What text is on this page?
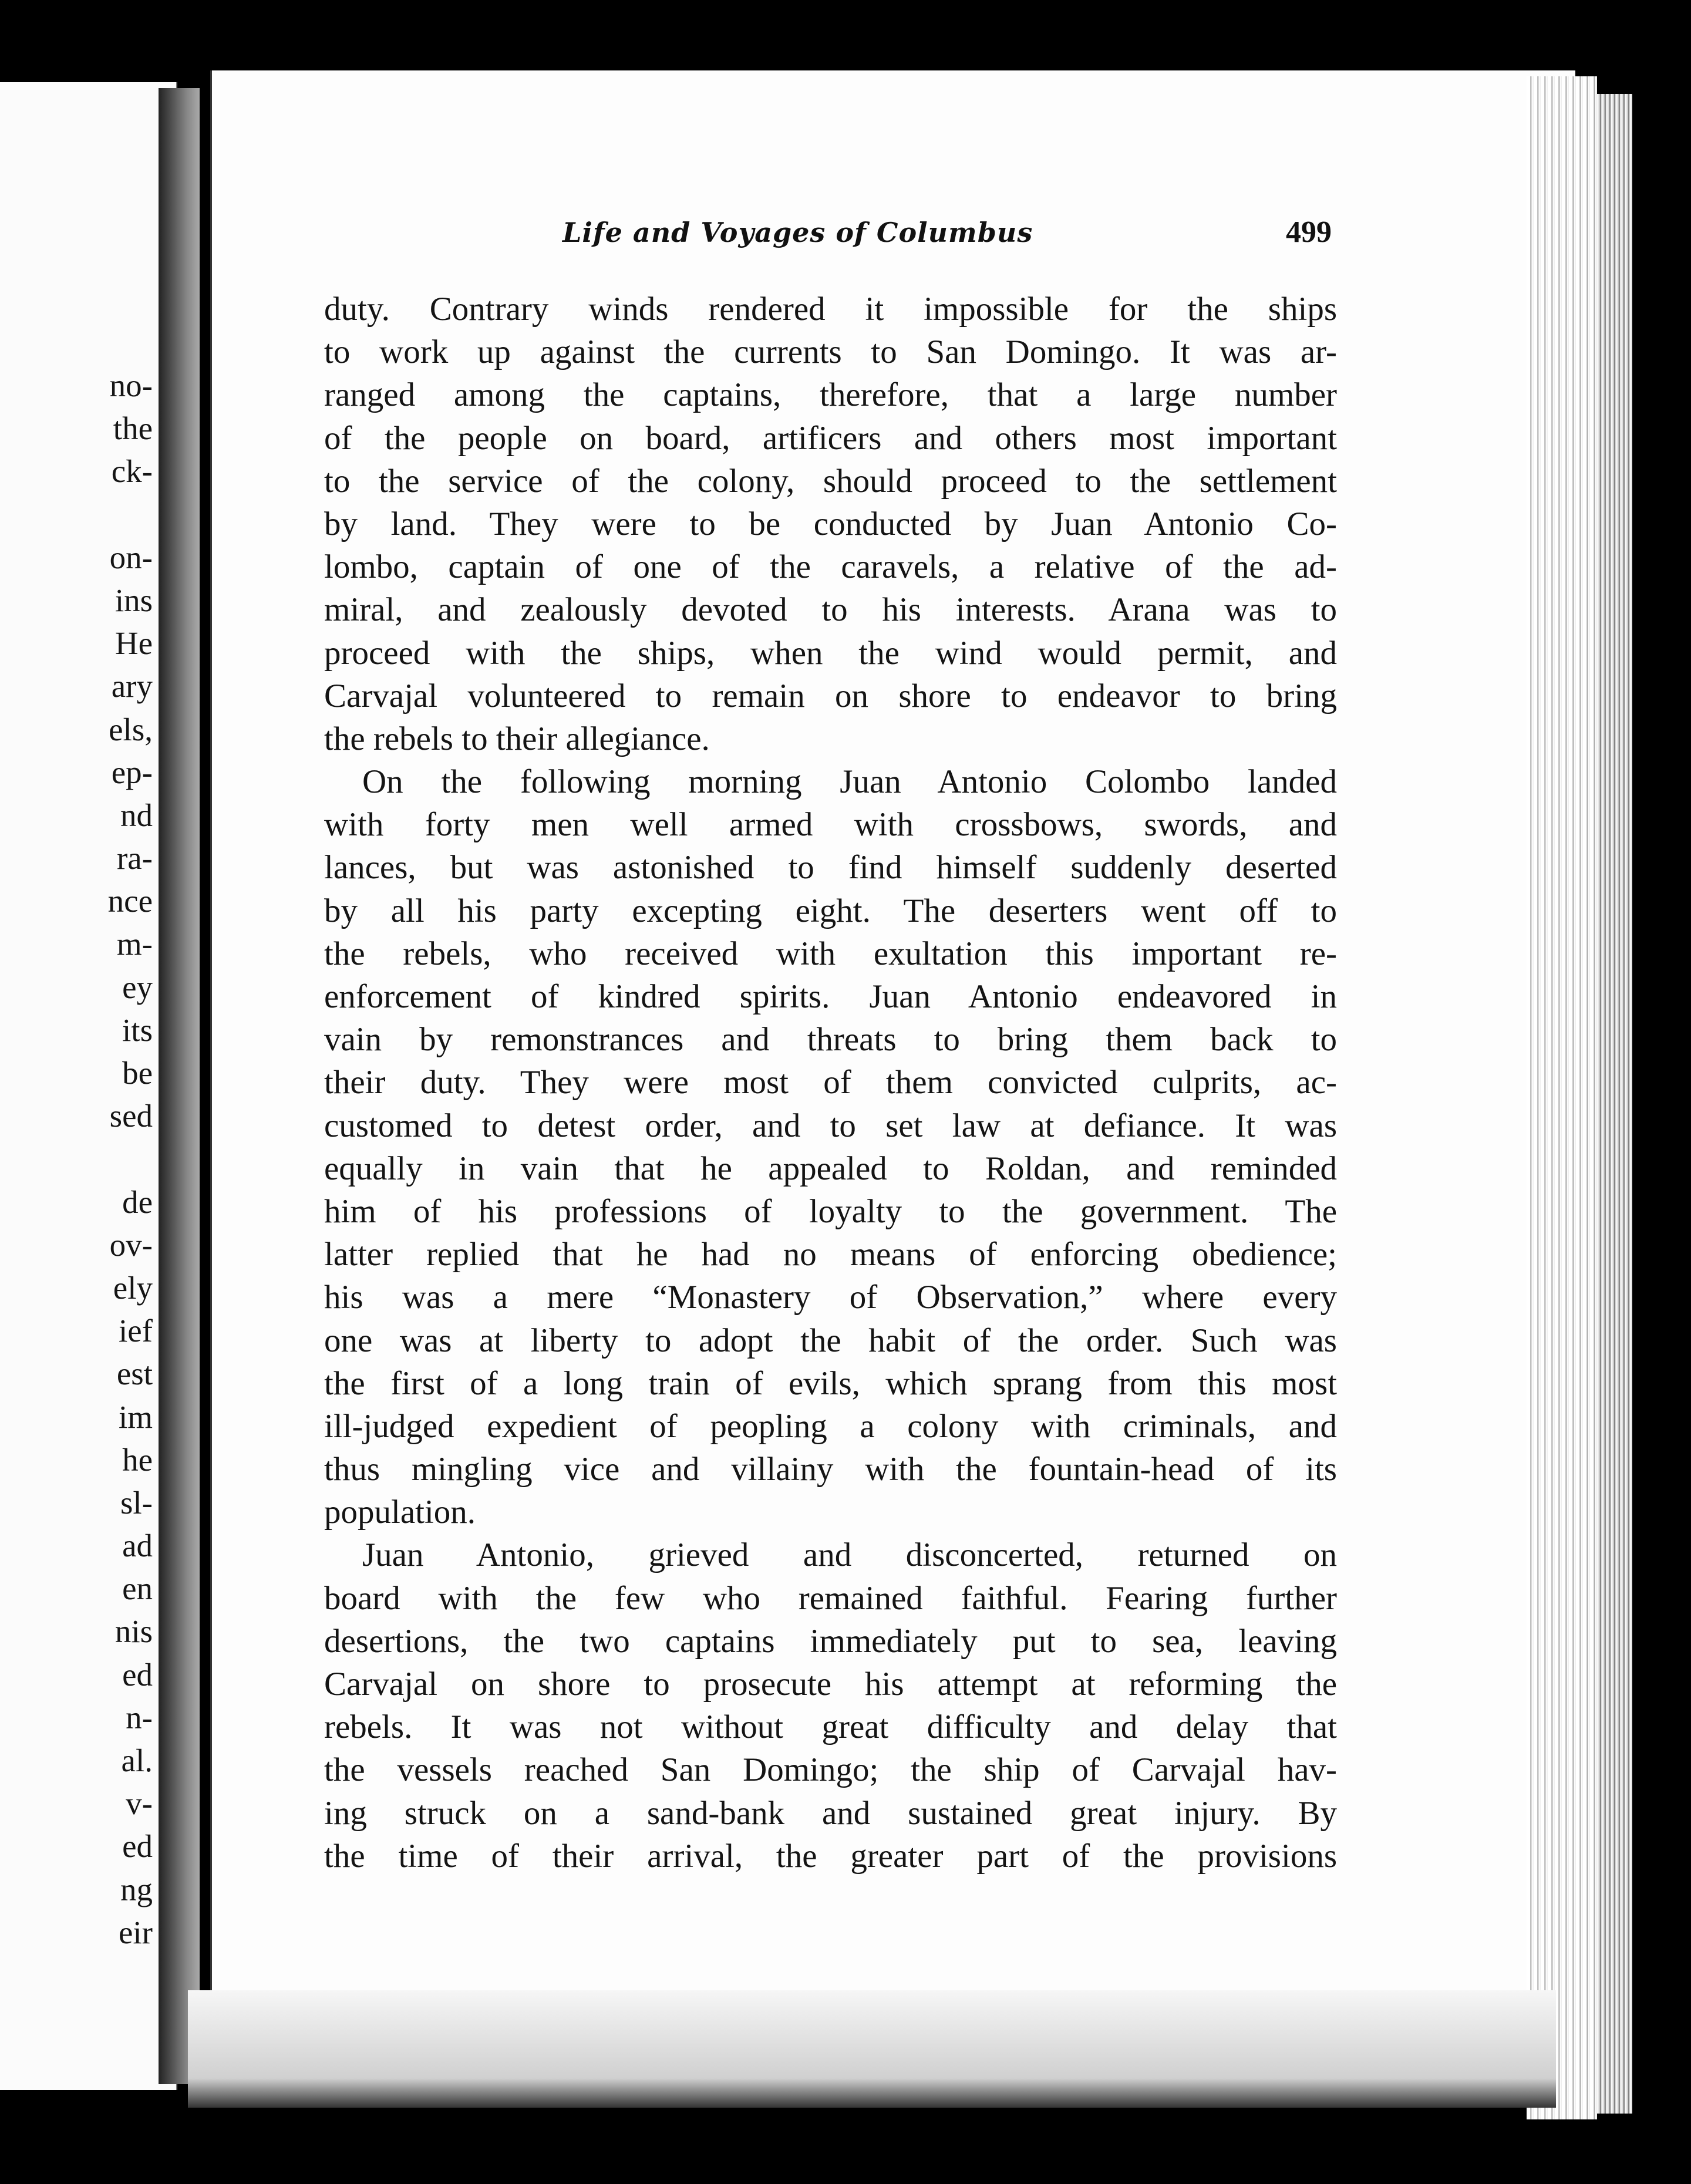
no-
the
ck-
on-
ins
He
ary
els,
ep-
nd
ra-
nce
m-
ey
its
be
sed
de
ov-
ely
ief
est
im
he
sl-
ad
en
nis
ed
n-
al.
v-
ed
ng
eir
Life and Voyages of Columbus	499
duty. Contrary winds rendered it impossible for the ships
to work up against the currents to San Domingo. It was ar-
ranged among the captains, therefore, that a large number
of the people on board, artificers and others most important
to the service of the colony, should proceed to the settlement
by land. They were to be conducted by Juan Antonio Co-
lombo, captain of one of the caravels, a relative of the ad-
miral, and zealously devoted to his interests. Arana was to
proceed with the ships, when the wind would permit, and
Carvajal volunteered to remain on shore to endeavor to bring
the rebels to their allegiance.
On the following morning Juan Antonio Colombo landed
with forty men well armed with crossbows, swords, and
lances, but was astonished to find himself suddenly deserted
by all his party excepting eight. The deserters went off to
the rebels, who received with exultation this important re-
enforcement of kindred spirits. Juan Antonio endeavored in
vain by remonstrances and threats to bring them back to
their duty. They were most of them convicted culprits, ac-
customed to detest order, and to set law at defiance. It was
equally in vain that he appealed to Roldan, and reminded
him of his professions of loyalty to the government. The
latter replied that he had no means of enforcing obedience;
his was a mere “Monastery of Observation,” where every
one was at liberty to adopt the habit of the order. Such was
the first of a long train of evils, which sprang from this most
ill-judged expedient of peopling a colony with criminals, and
thus mingling vice and villainy with the fountain-head of its
population.
Juan Antonio, grieved and disconcerted, returned on
board with the few who remained faithful. Fearing further
desertions, the two captains immediately put to sea, leaving
Carvajal on shore to prosecute his attempt at reforming the
rebels. It was not without great difficulty and delay that
the vessels reached San Domingo; the ship of Carvajal hav-
ing struck on a sand-bank and sustained great injury. By
the time of their arrival, the greater part of the provisions
